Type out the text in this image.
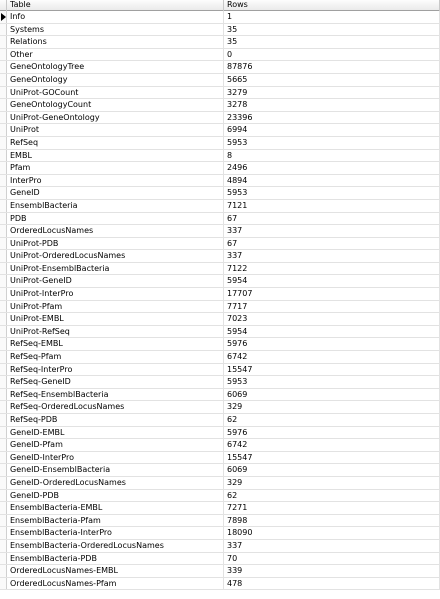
Table	Rows
Info	1
Systems	35
Relations	35
Other	0
GeneOntologyTree	87876
GeneOntology	5665
UniProt-GOCount	3279
GeneOntologyCount	3278
UniProt-GeneOntology	23396
UniProt	6994
RefSeq	5953
EMBL	8
Pfam	2496
InterPro	4894
GeneID	5953
EnsemblBacteria	7121
PDB	67
OrderedLocusNames	337
UniProt-PDB	67
UniProt-OrderedLocusNames	337
UniProt-EnsemblBacteria	7122
UniProt-GeneID	5954
UniProt-InterPro	17707
UniProt-Pfam	7717
UniProt-EMBL	7023
UniProt-RefSeq	5954
RefSeq-EMBL	5976
RefSeq-Pfam	6742
RefSeq-InterPro	15547
RefSeq-GeneID	5953
RefSeq-EnsemblBacteria	6069
RefSeq-OrderedLocusNames	329
RefSeq-PDB	62
GeneID-EMBL	5976
GeneID-Pfam	6742
GeneID-InterPro	15547
GeneID-EnsemblBacteria	6069
GeneID-OrderedLocusNames	329
GeneID-PDB	62
EnsemblBacteria-EMBL	7271
EnsemblBacteria-Pfam	7898
EnsemblBacteria-InterPro	18090
EnsemblBacteria-OrderedLocusNames	337
EnsemblBacteria-PDB	70
OrderedLocusNames-EMBL	339
OrderedLocusNames-Pfam	478
